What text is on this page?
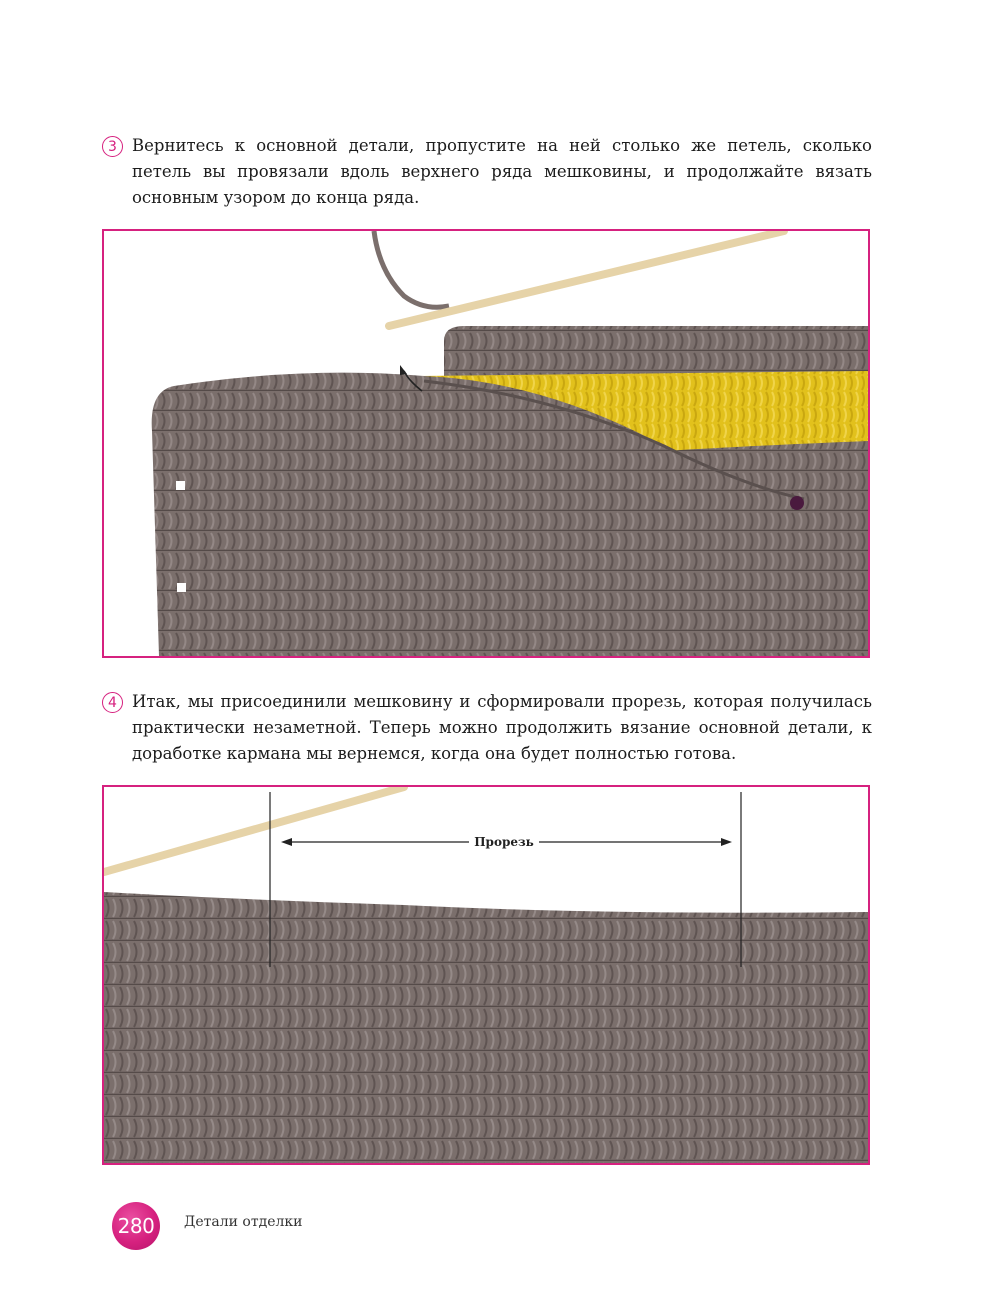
3 Вернитесь к основной детали, пропустите на ней столько же петель, сколько петель вы провязали вдоль верхнего ряда мешковины, и продолжайте вязать основным узором до конца ряда.
4 Итак, мы присоединили мешковину и сформировали прорезь, которая получилась практически незаметной. Теперь можно продолжить вязание основной детали, к доработке кармана мы вернемся, когда она будет полностью готова.
Прорезь
280	Детали отделки
